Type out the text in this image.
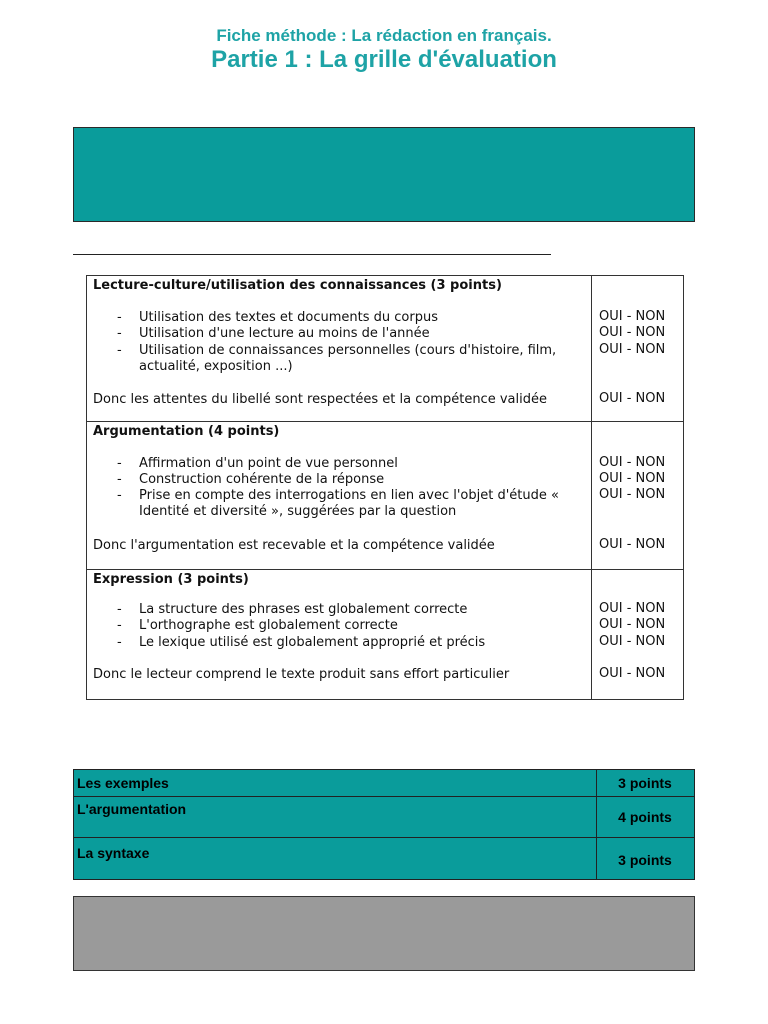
Fiche méthode : La rédaction en français.
Partie 1 : La grille d'évaluation
Lecture-culture/utilisation des connaissances (3 points)
- Utilisation des textes et documents du corpus	OUI - NON
- Utilisation d'une lecture au moins de l'année	OUI - NON
- Utilisation de connaissances personnelles (cours d'histoire, film, actualité, exposition ...)
OUI - NON
Donc les attentes du libellé sont respectées et la compétence validée	OUI - NON
Argumentation (4 points)
- Affirmation d'un point de vue personnel	OUI - NON
- Construction cohérente de la réponse	OUI - NON
- Prise en compte des interrogations en lien avec l'objet d'étude « Identité et diversité », suggérées par la question
OUI - NON
Donc l'argumentation est recevable et la compétence validée	OUI - NON
Expression (3 points)
- La structure des phrases est globalement correcte	OUI - NON
- L'orthographe est globalement correcte	OUI - NON
- Le lexique utilisé est globalement approprié et précis	OUI - NON
Donc le lecteur comprend le texte produit sans effort particulier	OUI - NON
Les exemples	3 points
L'argumentation	4 points
La syntaxe	3 points
